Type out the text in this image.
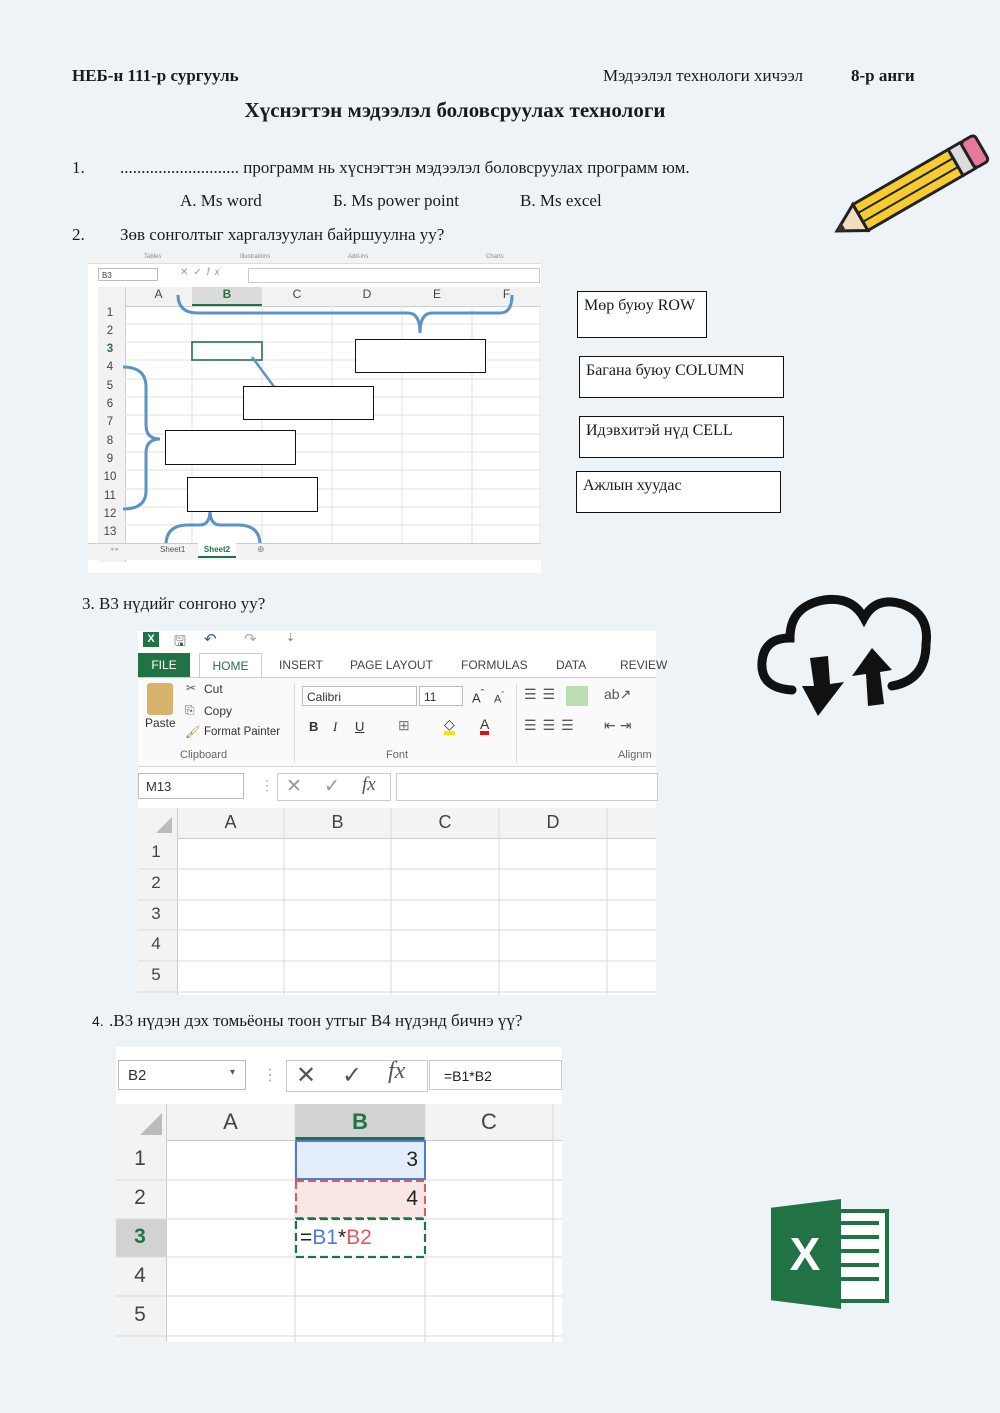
НЕБ-н 111-р сургууль	Мэдээлэл технологи хичээл	8-р анги
Хүснэгтэн мэдээлэл боловсруулах технологи
1. ............................ программ нь хүснэгтэн мэдээлэл боловсруулах программ юм.
А. Ms word	Б. Ms power point	В. Ms excel
2. Зөв сонголтыг харгалзуулан байршуулна уу?
Tables	Illustrations	Add-ins	Charts
B3	✕✓fx
A	B	C	D	E	F
1
2
3
4
5
6
7
8
9
10
11
12
13
◂ ▸	Sheet1	Sheet2	⊕
Мөр буюу ROW
Багана буюу COLUMN
Идэвхитэй нүд CELL
Ажлын хуудас
3. B3 нүдийг сонгоно уу?
X	🖫 ↶ ↷	⇣
FILE	HOME	INSERT PAGE LAYOUT FORMULAS DATA	REVIEW
Paste
✂ Cut
⎘ Copy
🖌 Format Painter
Clipboard
Calibri	11	$A^ˆ$ $A^ˇ$
B I U ⊞ ◇ A
Font
☰☰	ab↗
☰☰☰ ⇤⇥
Alignm
M13	⋮ ✕ ✓ fx
A	B	C	D
1
2
3
4
5
4. .B3 нүдэн дэх томьёоны тоон утгыг B4 нүдэнд бичнэ үү?
B2	▾ ⋮ ✕ ✓ fx	=B1*B2
A	B	C
1
2
3
4
5
3
4
=B1*B2	X
